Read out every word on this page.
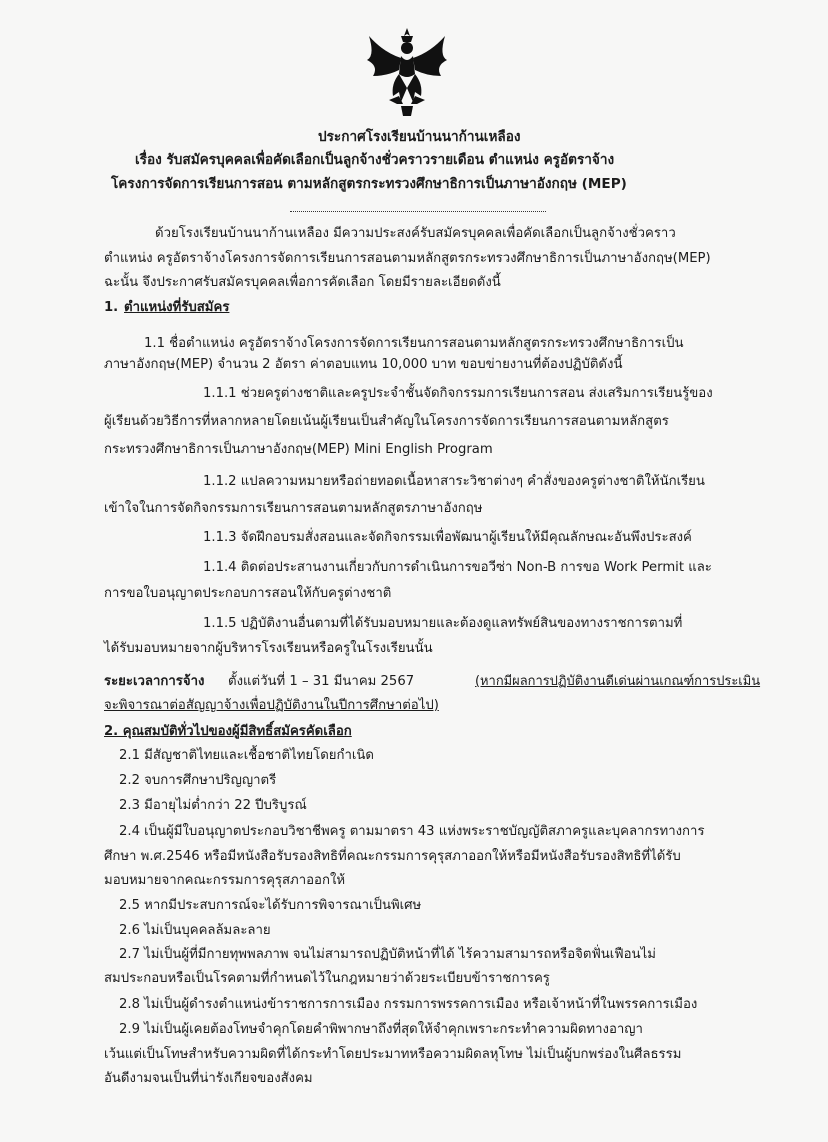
ประกาศโรงเรียนบ้านนาก้านเหลือง
เรื่อง รับสมัครบุคคลเพื่อคัดเลือกเป็นลูกจ้างชั่วคราวรายเดือน ตำแหน่ง ครูอัตราจ้าง
โครงการจัดการเรียนการสอน ตามหลักสูตรกระทรวงศึกษาธิการเป็นภาษาอังกฤษ (MEP)
ด้วยโรงเรียนบ้านนาก้านเหลือง มีความประสงค์รับสมัครบุคคลเพื่อคัดเลือกเป็นลูกจ้างชั่วคราว
ตำแหน่ง ครูอัตราจ้างโครงการจัดการเรียนการสอนตามหลักสูตรกระทรวงศึกษาธิการเป็นภาษาอังกฤษ(MEP)
ฉะนั้น จึงประกาศรับสมัครบุคคลเพื่อการคัดเลือก โดยมีรายละเอียดดังนี้
1. ตำแหน่งที่รับสมัคร
1.1 ชื่อตำแหน่ง ครูอัตราจ้างโครงการจัดการเรียนการสอนตามหลักสูตรกระทรวงศึกษาธิการเป็น
ภาษาอังกฤษ(MEP) จำนวน 2 อัตรา ค่าตอบแทน 10,000 บาท ขอบข่ายงานที่ต้องปฏิบัติดังนี้
1.1.1 ช่วยครูต่างชาติและครูประจำชั้นจัดกิจกรรมการเรียนการสอน ส่งเสริมการเรียนรู้ของ
ผู้เรียนด้วยวิธีการที่หลากหลายโดยเน้นผู้เรียนเป็นสำคัญในโครงการจัดการเรียนการสอนตามหลักสูตร
กระทรวงศึกษาธิการเป็นภาษาอังกฤษ(MEP) Mini English Program
1.1.2 แปลความหมายหรือถ่ายทอดเนื้อหาสาระวิชาต่างๆ คำสั่งของครูต่างชาติให้นักเรียน
เข้าใจในการจัดกิจกรรมการเรียนการสอนตามหลักสูตรภาษาอังกฤษ
1.1.3 จัดฝึกอบรมสั่งสอนและจัดกิจกรรมเพื่อพัฒนาผู้เรียนให้มีคุณลักษณะอันพึงประสงค์
1.1.4 ติดต่อประสานงานเกี่ยวกับการดำเนินการขอวีซ่า Non-B การขอ Work Permit และ
การขอใบอนุญาตประกอบการสอนให้กับครูต่างชาติ
1.1.5 ปฏิบัติงานอื่นตามที่ได้รับมอบหมายและต้องดูแลทรัพย์สินของทางราชการตามที่
ได้รับมอบหมายจากผู้บริหารโรงเรียนหรือครูในโรงเรียนนั้น
ระยะเวลาการจ้าง ตั้งแต่วันที่ 1 – 31 มีนาคม 2567	(หากมีผลการปฏิบัติงานดีเด่นผ่านเกณฑ์การประเมิน
จะพิจารณาต่อสัญญาจ้างเพื่อปฏิบัติงานในปีการศึกษาต่อไป)
2. คุณสมบัติทั่วไปของผู้มีสิทธิ์สมัครคัดเลือก
2.1 มีสัญชาติไทยและเชื้อชาติไทยโดยกำเนิด
2.2 จบการศึกษาปริญญาตรี
2.3 มีอายุไม่ต่ำกว่า 22 ปีบริบูรณ์
2.4 เป็นผู้มีใบอนุญาตประกอบวิชาชีพครู ตามมาตรา 43 แห่งพระราชบัญญัติสภาครูและบุคลากรทางการ
ศึกษา พ.ศ.2546 หรือมีหนังสือรับรองสิทธิที่คณะกรรมการคุรุสภาออกให้หรือมีหนังสือรับรองสิทธิที่ได้รับ
มอบหมายจากคณะกรรมการคุรุสภาออกให้
2.5 หากมีประสบการณ์จะได้รับการพิจารณาเป็นพิเศษ
2.6 ไม่เป็นบุคคลล้มละลาย
2.7 ไม่เป็นผู้ที่มีกายทุพพลภาพ จนไม่สามารถปฏิบัติหน้าที่ได้ ไร้ความสามารถหรือจิตฟั่นเฟือนไม่
สมประกอบหรือเป็นโรคตามที่กำหนดไว้ในกฎหมายว่าด้วยระเบียบข้าราชการครู
2.8 ไม่เป็นผู้ดำรงตำแหน่งข้าราชการการเมือง กรรมการพรรคการเมือง หรือเจ้าหน้าที่ในพรรคการเมือง
2.9 ไม่เป็นผู้เคยต้องโทษจำคุกโดยคำพิพากษาถึงที่สุดให้จำคุกเพราะกระทำความผิดทางอาญา
เว้นแต่เป็นโทษสำหรับความผิดที่ได้กระทำโดยประมาทหรือความผิดลหุโทษ ไม่เป็นผู้บกพร่องในศีลธรรม
อันดีงามจนเป็นที่น่ารังเกียจของสังคม
